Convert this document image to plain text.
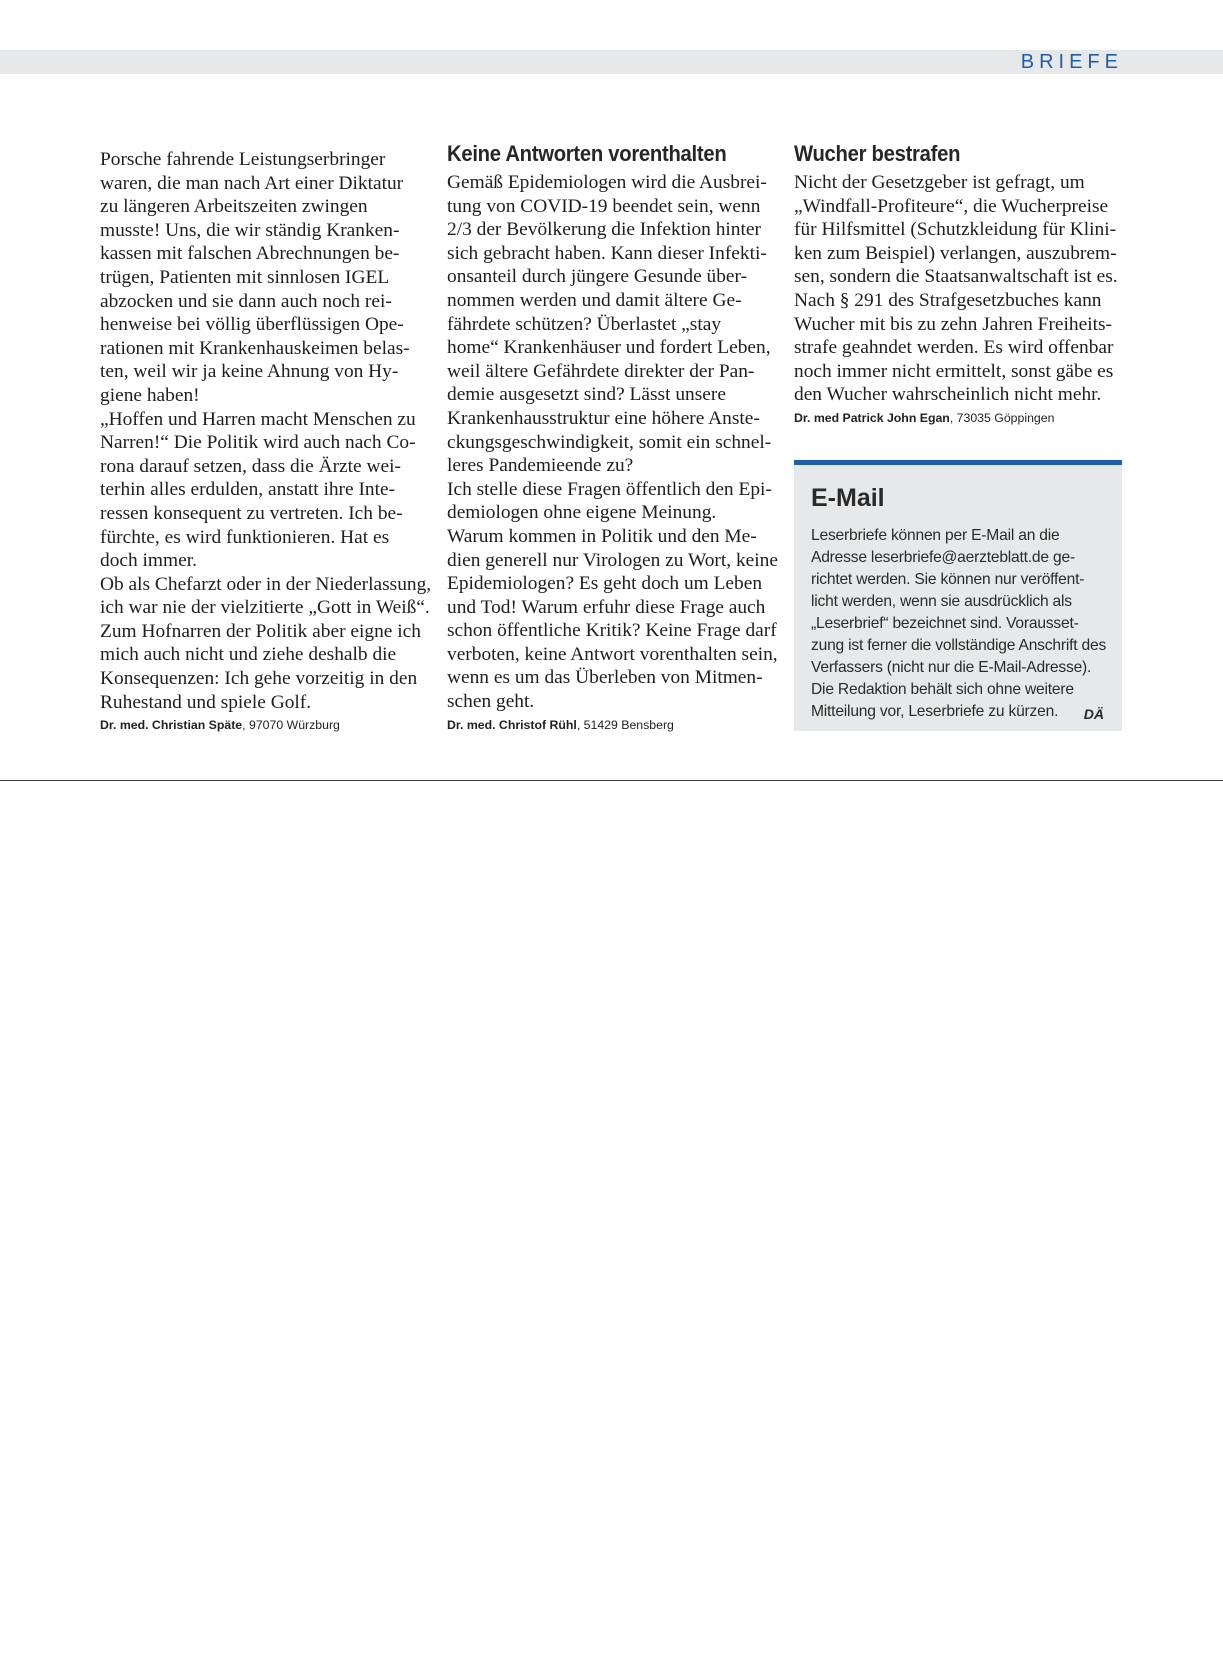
BRIEFE
Porsche fahrende Leistungserbringer
waren, die man nach Art einer Diktatur
zu längeren Arbeitszeiten zwingen
musste! Uns, die wir ständig Kranken-
kassen mit falschen Abrechnungen be-
trügen, Patienten mit sinnlosen IGEL
abzocken und sie dann auch noch rei-
henweise bei völlig überflüssigen Ope-
rationen mit Krankenhauskeimen belas-
ten, weil wir ja keine Ahnung von Hy-
giene haben!
„Hoffen und Harren macht Menschen zu
Narren!“ Die Politik wird auch nach Co-
rona darauf setzen, dass die Ärzte wei-
terhin alles erdulden, anstatt ihre Inte-
ressen konsequent zu vertreten. Ich be-
fürchte, es wird funktionieren. Hat es
doch immer.
Ob als Chefarzt oder in der Niederlassung,
ich war nie der vielzitierte „Gott in Weiß“.
Zum Hofnarren der Politik aber eigne ich
mich auch nicht und ziehe deshalb die
Konsequenzen: Ich gehe vorzeitig in den
Ruhestand und spiele Golf.
Dr. med. Christian Späte, 97070 Würzburg
Keine Antworten vorenthalten
Gemäß Epidemiologen wird die Ausbrei-
tung von COVID-19 beendet sein, wenn
2/3 der Bevölkerung die Infektion hinter
sich gebracht haben. Kann dieser Infekti-
onsanteil durch jüngere Gesunde über-
nommen werden und damit ältere Ge-
fährdete schützen? Überlastet „stay
home“ Krankenhäuser und fordert Leben,
weil ältere Gefährdete direkter der Pan-
demie ausgesetzt sind? Lässt unsere
Krankenhausstruktur eine höhere Anste-
ckungsgeschwindigkeit, somit ein schnel-
leres Pandemieende zu?
Ich stelle diese Fragen öffentlich den Epi-
demiologen ohne eigene Meinung.
Warum kommen in Politik und den Me-
dien generell nur Virologen zu Wort, keine
Epidemiologen? Es geht doch um Leben
und Tod! Warum erfuhr diese Frage auch
schon öffentliche Kritik? Keine Frage darf
verboten, keine Antwort vorenthalten sein,
wenn es um das Überleben von Mitmen-
schen geht.
Dr. med. Christof Rühl, 51429 Bensberg
Wucher bestrafen
Nicht der Gesetzgeber ist gefragt, um
„Windfall-Profiteure“, die Wucherpreise
für Hilfsmittel (Schutzkleidung für Klini-
ken zum Beispiel) verlangen, auszubrem-
sen, sondern die Staatsanwaltschaft ist es.
Nach § 291 des Strafgesetzbuches kann
Wucher mit bis zu zehn Jahren Freiheits-
strafe geahndet werden. Es wird offenbar
noch immer nicht ermittelt, sonst gäbe es
den Wucher wahrscheinlich nicht mehr.
Dr. med Patrick John Egan, 73035 Göppingen
E-Mail
Leserbriefe können per E-Mail an die
Adresse leserbriefe@aerzteblatt.de ge-
richtet werden. Sie können nur veröffent-
licht werden, wenn sie ausdrücklich als
„Leserbrief“ bezeichnet sind. Vorausset-
zung ist ferner die vollständige Anschrift des
Verfassers (nicht nur die E-Mail-Adresse).
Die Redaktion behält sich ohne weitere
Mitteilung vor, Leserbriefe zu kürzen.	DÄ
